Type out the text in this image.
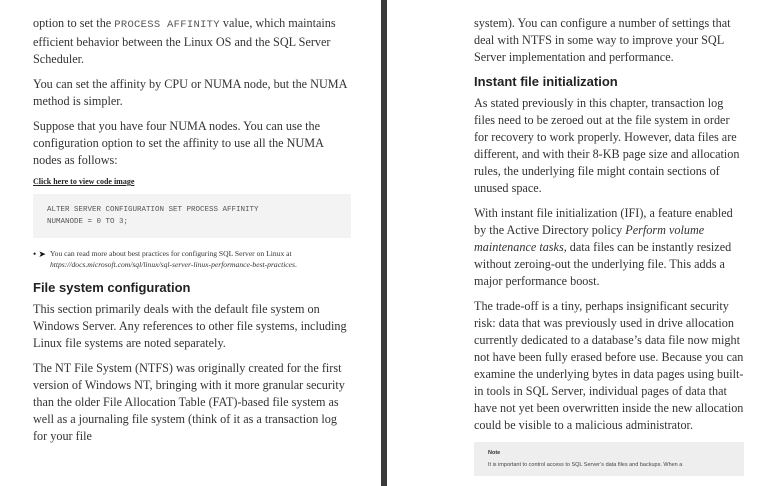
option to set the PROCESS AFFINITY value, which maintains efficient behavior between the Linux OS and the SQL Server Scheduler.

You can set the affinity by CPU or NUMA node, but the NUMA method is simpler.

Suppose that you have four NUMA nodes. You can use the configuration option to set the affinity to use all the NUMA nodes as follows:

Click here to view code image
ALTER SERVER CONFIGURATION SET PROCESS AFFINITY
NUMANODE = 0 TO 3;
• ➤ You can read more about best practices for configuring SQL Server on Linux at https://docs.microsoft.com/sql/linux/sql-server-linux-performance-best-practices.
File system configuration

This section primarily deals with the default file system on Windows Server. Any references to other file systems, including Linux file systems are noted separately.

The NT File System (NTFS) was originally created for the first version of Windows NT, bringing with it more granular security than the older File Allocation Table (FAT)-based file system as well as a journaling file system (think of it as a transaction log for your file

system). You can configure a number of settings that deal with NTFS in some way to improve your SQL Server implementation and performance.

Instant file initialization

As stated previously in this chapter, transaction log files need to be zeroed out at the file system in order for recovery to work properly. However, data files are different, and with their 8-KB page size and allocation rules, the underlying file might contain sections of unused space.

With instant file initialization (IFI), a feature enabled by the Active Directory policy Perform volume maintenance tasks, data files can be instantly resized without zeroing-out the underlying file. This adds a major performance boost.

The trade-off is a tiny, perhaps insignificant security risk: data that was previously used in drive allocation currently dedicated to a database’s data file now might not have been fully erased before use. Because you can examine the underlying bytes in data pages using built-in tools in SQL Server, individual pages of data that have not yet been overwritten inside the new allocation could be visible to a malicious administrator.

Note
It is important to control access to SQL Server’s data files and backups. When a
